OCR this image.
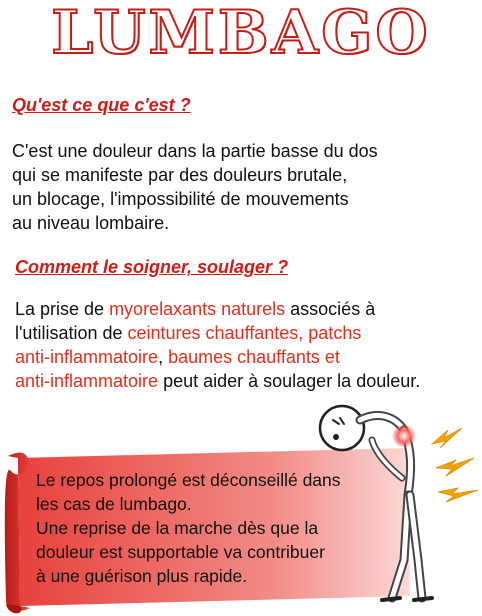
LUMBAGO
Qu'est ce que c'est ?
C'est une douleur dans la partie basse du dos
qui se manifeste par des douleurs brutale,
un blocage, l'impossibilité de mouvements
au niveau lombaire.
Comment le soigner, soulager ?
La prise de myorelaxants naturels associés à
l'utilisation de ceintures chauffantes, patchs
anti-inflammatoire, baumes chauffants et
anti-inflammatoire peut aider à soulager la douleur.
Le repos prolongé est déconseillé dans
les cas de lumbago.
Une reprise de la marche dès que la
douleur est supportable va contribuer
à une guérison plus rapide.
